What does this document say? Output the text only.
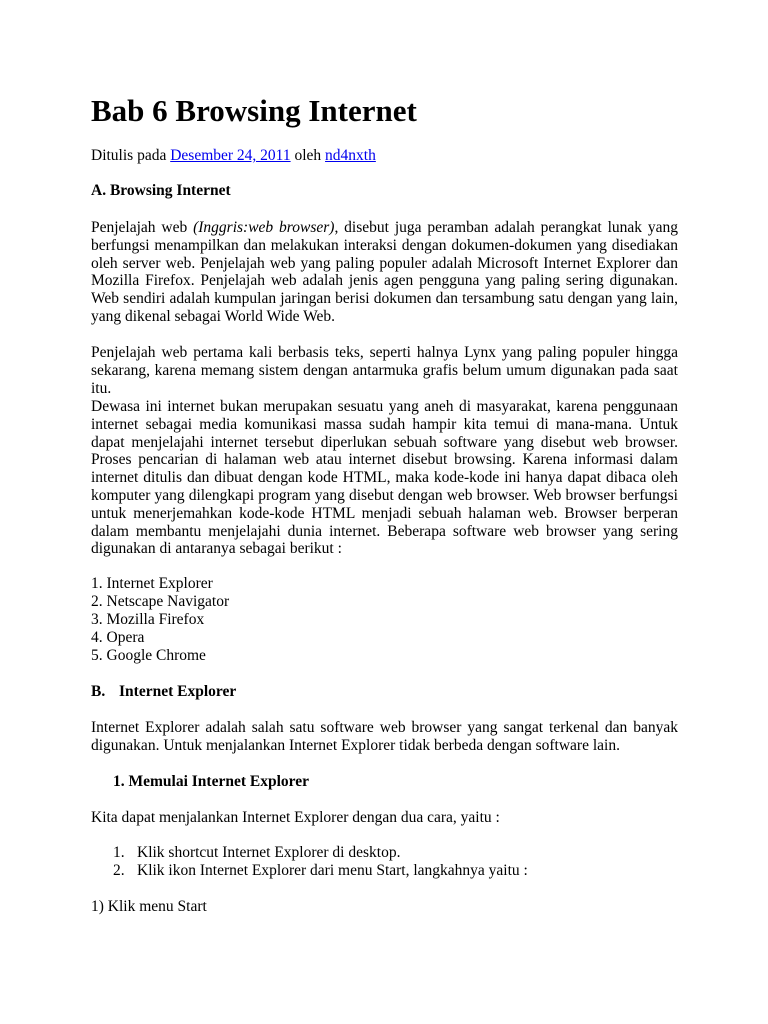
Bab 6 Browsing Internet
Ditulis pada Desember 24, 2011 oleh nd4nxth
A. Browsing Internet

Penjelajah web (Inggris:web browser), disebut juga peramban adalah perangkat lunak yang berfungsi menampilkan dan melakukan interaksi dengan dokumen-dokumen yang disediakan oleh server web. Penjelajah web yang paling populer adalah Microsoft Internet Explorer dan Mozilla Firefox. Penjelajah web adalah jenis agen pengguna yang paling sering digunakan. Web sendiri adalah kumpulan jaringan berisi dokumen dan tersambung satu dengan yang lain, yang dikenal sebagai World Wide Web.

Penjelajah web pertama kali berbasis teks, seperti halnya Lynx yang paling populer hingga sekarang, karena memang sistem dengan antarmuka grafis belum umum digunakan pada saat itu.

Dewasa ini internet bukan merupakan sesuatu yang aneh di masyarakat, karena penggunaan internet sebagai media komunikasi massa sudah hampir kita temui di mana-mana. Untuk dapat menjelajahi internet tersebut diperlukan sebuah software yang disebut web browser. Proses pencarian di halaman web atau internet disebut browsing. Karena informasi dalam internet ditulis dan dibuat dengan kode HTML, maka kode-kode ini hanya dapat dibaca oleh komputer yang dilengkapi program yang disebut dengan web browser. Web browser berfungsi untuk menerjemahkan kode-kode HTML menjadi sebuah halaman web. Browser berperan dalam membantu menjelajahi dunia internet. Beberapa software web browser yang sering digunakan di antaranya sebagai berikut :

1. Internet Explorer
2. Netscape Navigator
3. Mozilla Firefox
4. Opera
5. Google Chrome
B. Internet Explorer

Internet Explorer adalah salah satu software web browser yang sangat terkenal dan banyak digunakan. Untuk menjalankan Internet Explorer tidak berbeda dengan software lain.

1. Memulai Internet Explorer
Kita dapat menjalankan Internet Explorer dengan dua cara, yaitu :
1. Klik shortcut Internet Explorer di desktop.
2. Klik ikon Internet Explorer dari menu Start, langkahnya yaitu :
1) Klik menu Start
